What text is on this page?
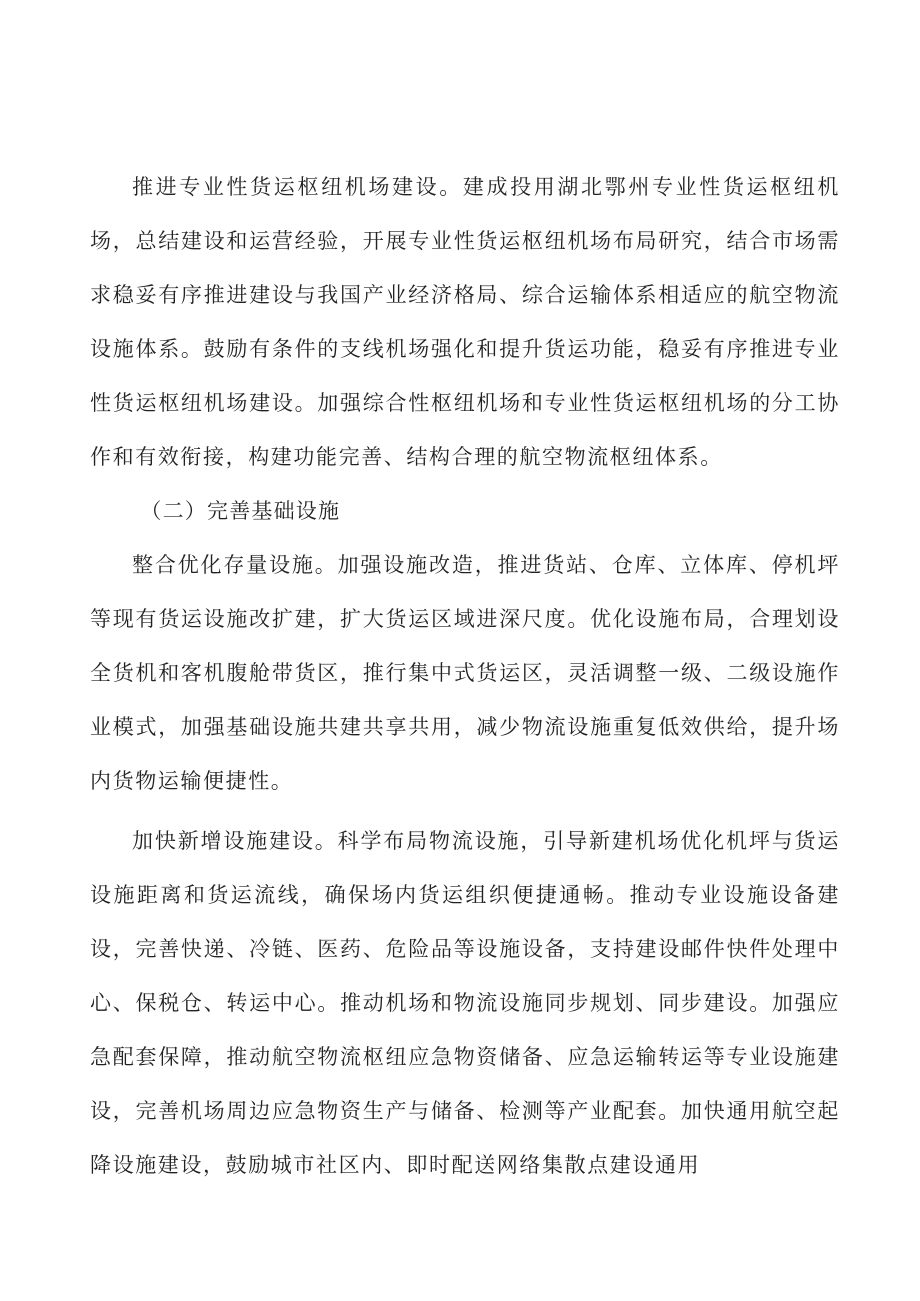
推进专业性货运枢纽机场建设。建成投用湖北鄂州专业性货运枢纽机场，总结建设和运营经验，开展专业性货运枢纽机场布局研究，结合市场需求稳妥有序推进建设与我国产业经济格局、综合运输体系相适应的航空物流设施体系。鼓励有条件的支线机场强化和提升货运功能，稳妥有序推进专业性货运枢纽机场建设。加强综合性枢纽机场和专业性货运枢纽机场的分工协作和有效衔接，构建功能完善、结构合理的航空物流枢纽体系。

（二）完善基础设施

整合优化存量设施。加强设施改造，推进货站、仓库、立体库、停机坪等现有货运设施改扩建，扩大货运区域进深尺度。优化设施布局，合理划设全货机和客机腹舱带货区，推行集中式货运区，灵活调整一级、二级设施作业模式，加强基础设施共建共享共用，减少物流设施重复低效供给，提升场内货物运输便捷性。

加快新增设施建设。科学布局物流设施，引导新建机场优化机坪与货运设施距离和货运流线，确保场内货运组织便捷通畅。推动专业设施设备建设，完善快递、冷链、医药、危险品等设施设备，支持建设邮件快件处理中心、保税仓、转运中心。推动机场和物流设施同步规划、同步建设。加强应急配套保障，推动航空物流枢纽应急物资储备、应急运输转运等专业设施建设，完善机场周边应急物资生产与储备、检测等产业配套。加快通用航空起降设施建设，鼓励城市社区内、即时配送网络集散点建设通用
